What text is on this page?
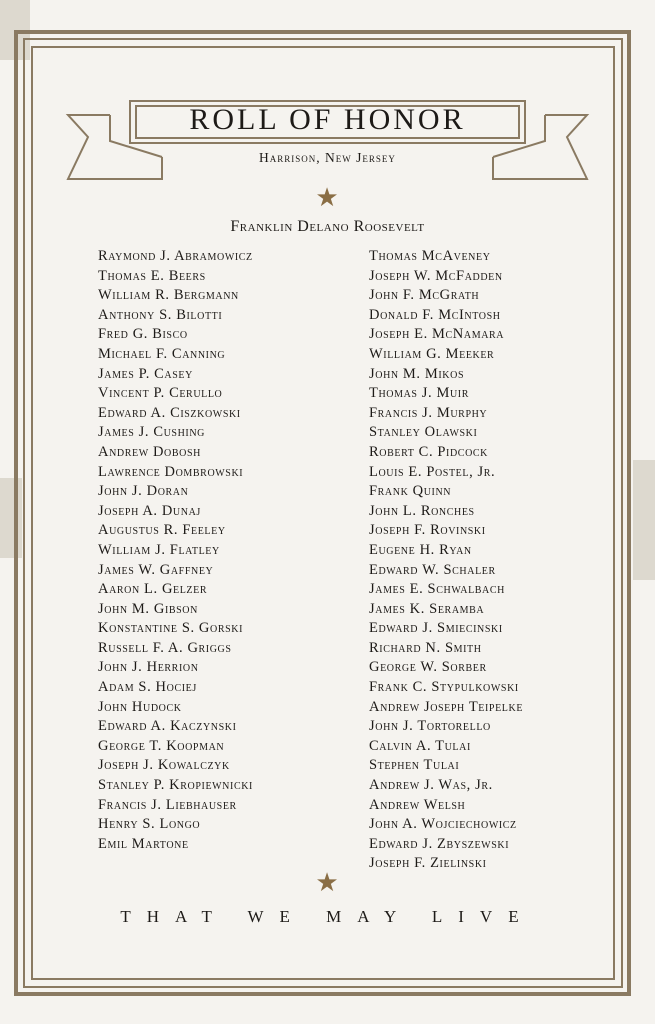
ROLL OF HONOR
Harrison, New Jersey
★
Franklin Delano Roosevelt
Raymond J. Abramowicz
Thomas E. Beers
William R. Bergmann
Anthony S. Bilotti
Fred G. Bisco
Michael F. Canning
James P. Casey
Vincent P. Cerullo
Edward A. Ciszkowski
James J. Cushing
Andrew Dobosh
Lawrence Dombrowski
John J. Doran
Joseph A. Dunaj
Augustus R. Feeley
William J. Flatley
James W. Gaffney
Aaron L. Gelzer
John M. Gibson
Konstantine S. Gorski
Russell F. A. Griggs
John J. Herrion
Adam S. Hociej
John Hudock
Edward A. Kaczynski
George T. Koopman
Joseph J. Kowalczyk
Stanley P. Kropiewnicki
Francis J. Liebhauser
Henry S. Longo
Emil Martone
Thomas McAveney
Joseph W. McFadden
John F. McGrath
Donald F. McIntosh
Joseph E. McNamara
William G. Meeker
John M. Mikos
Thomas J. Muir
Francis J. Murphy
Stanley Olawski
Robert C. Pidcock
Louis E. Postel, Jr.
Frank Quinn
John L. Ronches
Joseph F. Rovinski
Eugene H. Ryan
Edward W. Schaler
James E. Schwalbach
James K. Seramba
Edward J. Smiecinski
Richard N. Smith
George W. Sorber
Frank C. Stypulkowski
Andrew Joseph Teipelke
John J. Tortorello
Calvin A. Tulai
Stephen Tulai
Andrew J. Was, Jr.
Andrew Welsh
John A. Wojciechowicz
Edward J. Zbyszewski
Joseph F. Zielinski
★
THAT WE MAY LIVE
